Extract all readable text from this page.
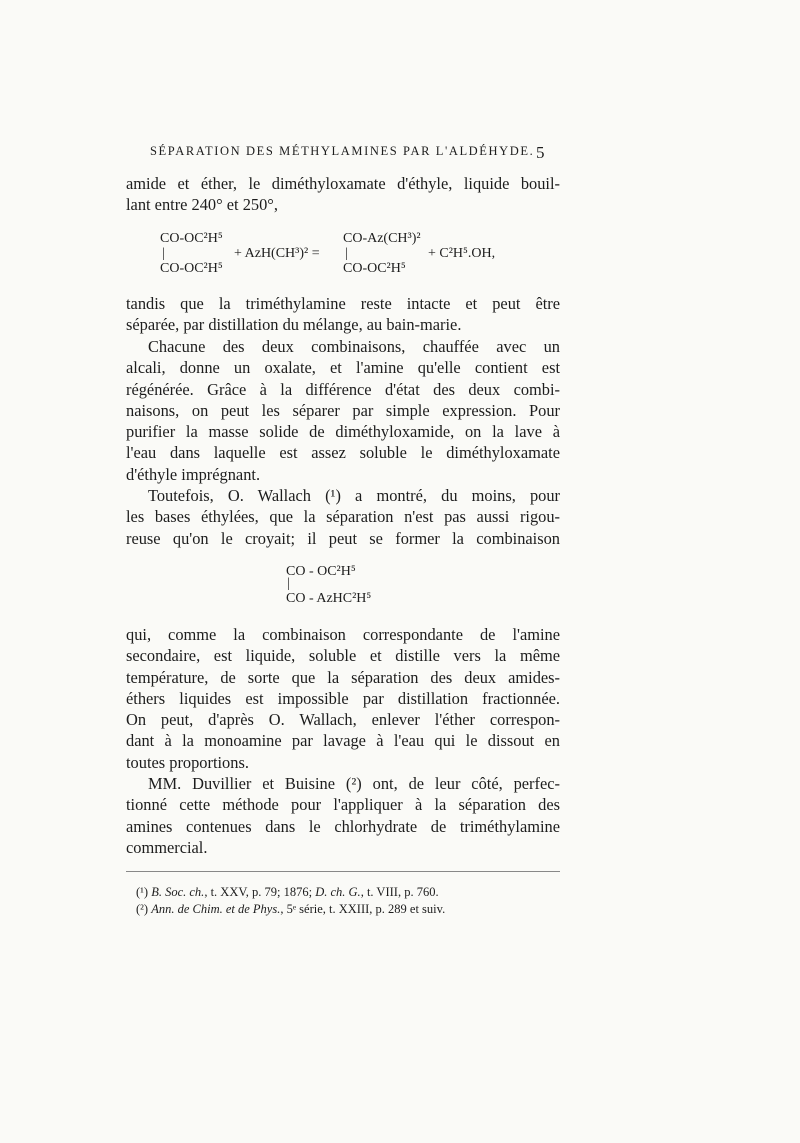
SÉPARATION DES MÉTHYLAMINES PAR L'ALDÉHYDE. 5

amide et éther, le diméthyloxamate d'éthyle, liquide bouil-
lant entre 240° et 250°,

CO-OC²H⁵
|
CO-OC²H⁵
+ AzH(CH³)² =
CO-Az(CH³)²
|
CO-OC²H⁵
+ C²H⁵.OH,

tandis que la triméthylamine reste intacte et peut être
séparée, par distillation du mélange, au bain-marie.

Chacune des deux combinaisons, chauffée avec un
alcali, donne un oxalate, et l'amine qu'elle contient est
régénérée. Grâce à la différence d'état des deux combi-
naisons, on peut les séparer par simple expression. Pour
purifier la masse solide de diméthyloxamide, on la lave à
l'eau dans laquelle est assez soluble le diméthyloxamate
d'éthyle imprégnant.

Toutefois, O. Wallach (¹) a montré, du moins, pour
les bases éthylées, que la séparation n'est pas aussi rigou-
reuse qu'on le croyait; il peut se former la combinaison

CO - OC²H⁵
|
CO - AzHC²H⁵

qui, comme la combinaison correspondante de l'amine
secondaire, est liquide, soluble et distille vers la même
température, de sorte que la séparation des deux amides-
éthers liquides est impossible par distillation fractionnée.
On peut, d'après O. Wallach, enlever l'éther correspon-
dant à la monoamine par lavage à l'eau qui le dissout en
toutes proportions.

MM. Duvillier et Buisine (²) ont, de leur côté, perfec-
tionné cette méthode pour l'appliquer à la séparation des
amines contenues dans le chlorhydrate de triméthylamine
commercial.

(¹) B. Soc. ch., t. XXV, p. 79; 1876; D. ch. G., t. VIII, p. 760.
(²) Ann. de Chim. et de Phys., 5ᵉ série, t. XXIII, p. 289 et suiv.
